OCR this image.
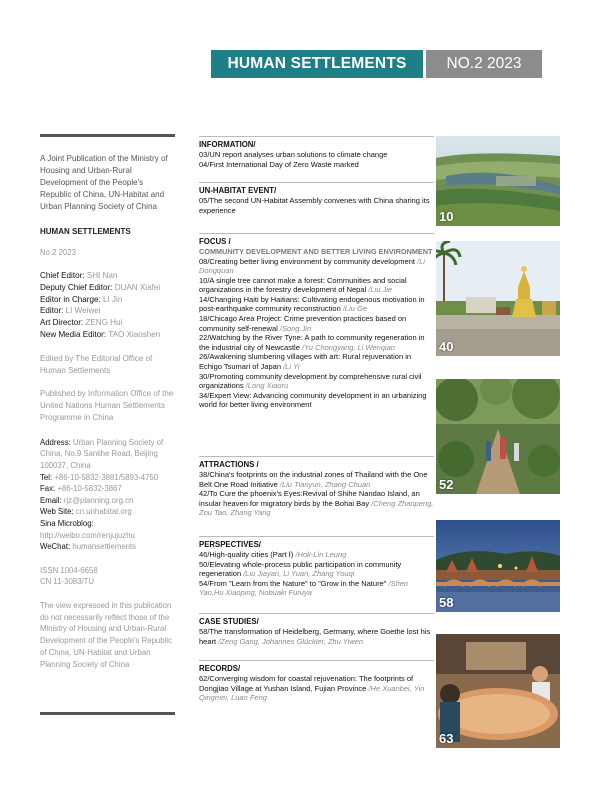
HUMAN SETTLEMENTS	NO.2 2023

A Joint Publication of the Ministry of Housing and Urban-Rural Development of the People's Republic of China, UN-Habitat and Urban Planning Society of China

HUMAN SETTLEMENTS

No.2 2023

Chief Editor: SHI Nan
Deputy Chief Editor: DUAN Xiafei
Editor in Charge: LI Jin
Editor: LI Weiwei
Art Director: ZENG Hui
New Media Editor: TAO Xiaoshen

Edited by The Editorial Office of Human Settlements

Published by Information Office of the United Nations Human Settlements Programme in China

Address: Urban Planning Society of China, No.9 Sanlihe Road, Beijing 100037, China
Tel: +86-10-5832-3881/5893-4750
Fax: +86-10-5832-3867
Email: rjz@planning.org.cn
Web Site: cn.unhabitat.org
Sina Microblog: http://weibo.com/renjujuzhu
WeChat: humansettlements
ISSN 1004-6658
CN 11-3083/TU

The view expressed in this publication do not necessarily reflect those of the Ministry of Housing and Urban-Rural Development of the People's Republic of China, UN-Habitat and Urban Planning Society of China

INFORMATION/
03/UN report analyses urban solutions to climate change
04/First International Day of Zero Waste marked
UN-HABITAT EVENT/
05/The second UN-Habitat Assembly convenes with China sharing its experience
FOCUS /
COMMUNITY DEVELOPMENT AND BETTER LIVING ENVIRONMENT
08/Creating better living environment by community development /Li Dongquan
10/A single tree cannot make a forest: Communities and social organizations in the forestry development of Nepal /Liu Jie
14/Changing Haiti by Haitians: Cultivating endogenous motivation in post-earthquake community reconstruction /Liu Ge
18/Chicago Area Project: Crime prevention practices based on community self-renewal /Song Jin
22/Watching by the River Tyne: A path to community regeneration in the industrial city of Newcastle /Yu Chongyang, Li Wenqian
26/Awakening slumbering villages with art: Rural rejuvenation in Echigo Tsumari of Japan /Li Yi
30/Promoting community development by comprehensive rural civil organizations /Long Xiaoru
34/Expert View: Advancing community development in an urbanizing world for better living environment
ATTRACTIONS /
38/China's footprints on the industrial zones of Thailand with the One Belt One Road Initiative /Liu Tianyun, Zhang Chuan
42/To Cure the phoenix's Eyes:Revival of Shihe Nandao Island, an insular heaven for migratory birds by the Bohai Bay /Cheng Zhaopeng, Zou Tao, Zhang Yang
PERSPECTIVES/
46/High-quality cities (Part Ⅰ) /Hok-Lin Leung
50/Elevating whole-process public participation in community regeneration /Liu Jiayan, Li Yuan, Zhang Youqi
54/From "Learn from the Nature" to "Grow in the Nature" /Shen Yao,Hu Xiaoping, Nobuaki Furuya
CASE STUDIES/
58/The transformation of Heidelberg, Germany, where Goethe lost his heart /Zeng Gang, Johannes Glückler, Zhu Yiwen
RECORDS/
62/Converging wisdom for coastal rejuvenation: The footprints of Dongjiao Village at Yushan Island, Fujian Province /He Xuanbei, Yin Qingmei, Luan Feng
10
40
52
58
63
